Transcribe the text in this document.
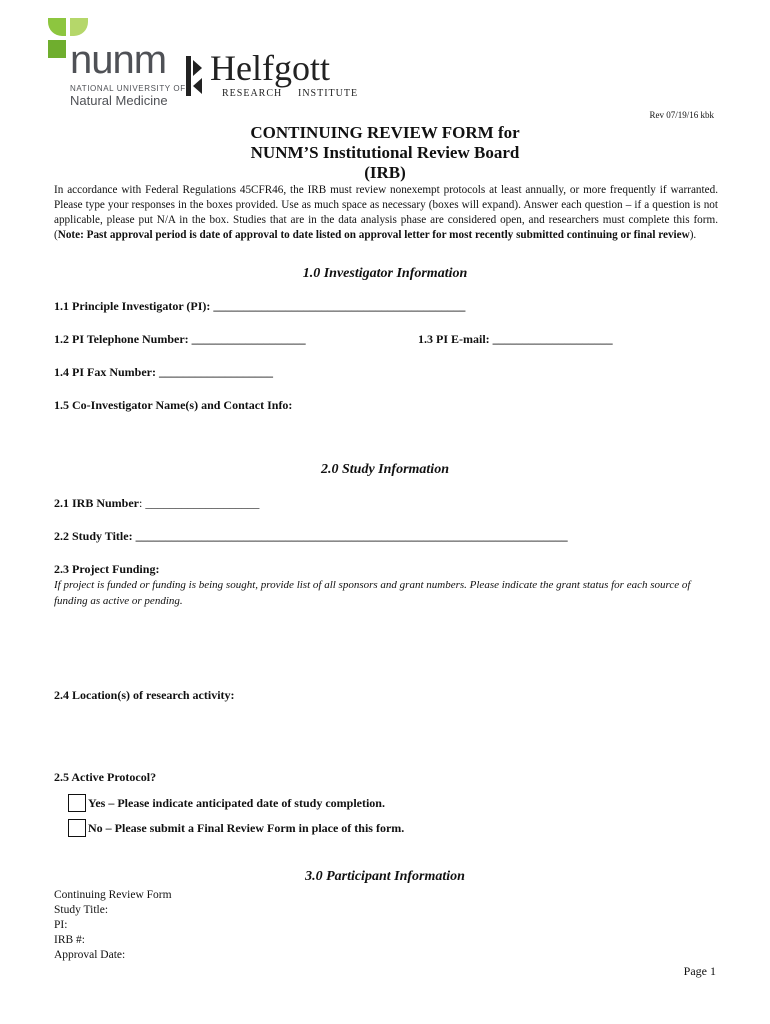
nunm
NATIONAL UNIVERSITY OF
Natural Medicine
Helfgott
RESEARCH INSTITUTE
Rev 07/19/16 kbk
CONTINUING REVIEW FORM for
NUNM’S Institutional Review Board
(IRB)
In accordance with Federal Regulations 45CFR46, the IRB must review nonexempt protocols at least annually, or more frequently if warranted. Please type your responses in the boxes provided. Use as much space as necessary (boxes will expand). Answer each question – if a question is not applicable, please put N/A in the box. Studies that are in the data analysis phase are considered open, and researchers must complete this form. (Note: Past approval period is date of approval to date listed on approval letter for most recently submitted continuing or final review).
1.0 Investigator Information
1.1 Principle Investigator (PI): __________________________________________
1.2 PI Telephone Number: ___________________	1.3 PI E-mail: ____________________
1.4 PI Fax Number: ___________________
1.5 Co-Investigator Name(s) and Contact Info:
2.0 Study Information
2.1 IRB Number: ___________________
2.2 Study Title: ________________________________________________________________________
2.3 Project Funding:
If project is funded or funding is being sought, provide list of all sponsors and grant numbers. Please indicate the grant status for each source of funding as active or pending.
2.4 Location(s) of research activity:
2.5 Active Protocol?
Yes – Please indicate anticipated date of study completion.
No – Please submit a Final Review Form in place of this form.
3.0 Participant Information
Continuing Review Form
Study Title:
PI:
IRB #:
Approval Date:
Page 1
